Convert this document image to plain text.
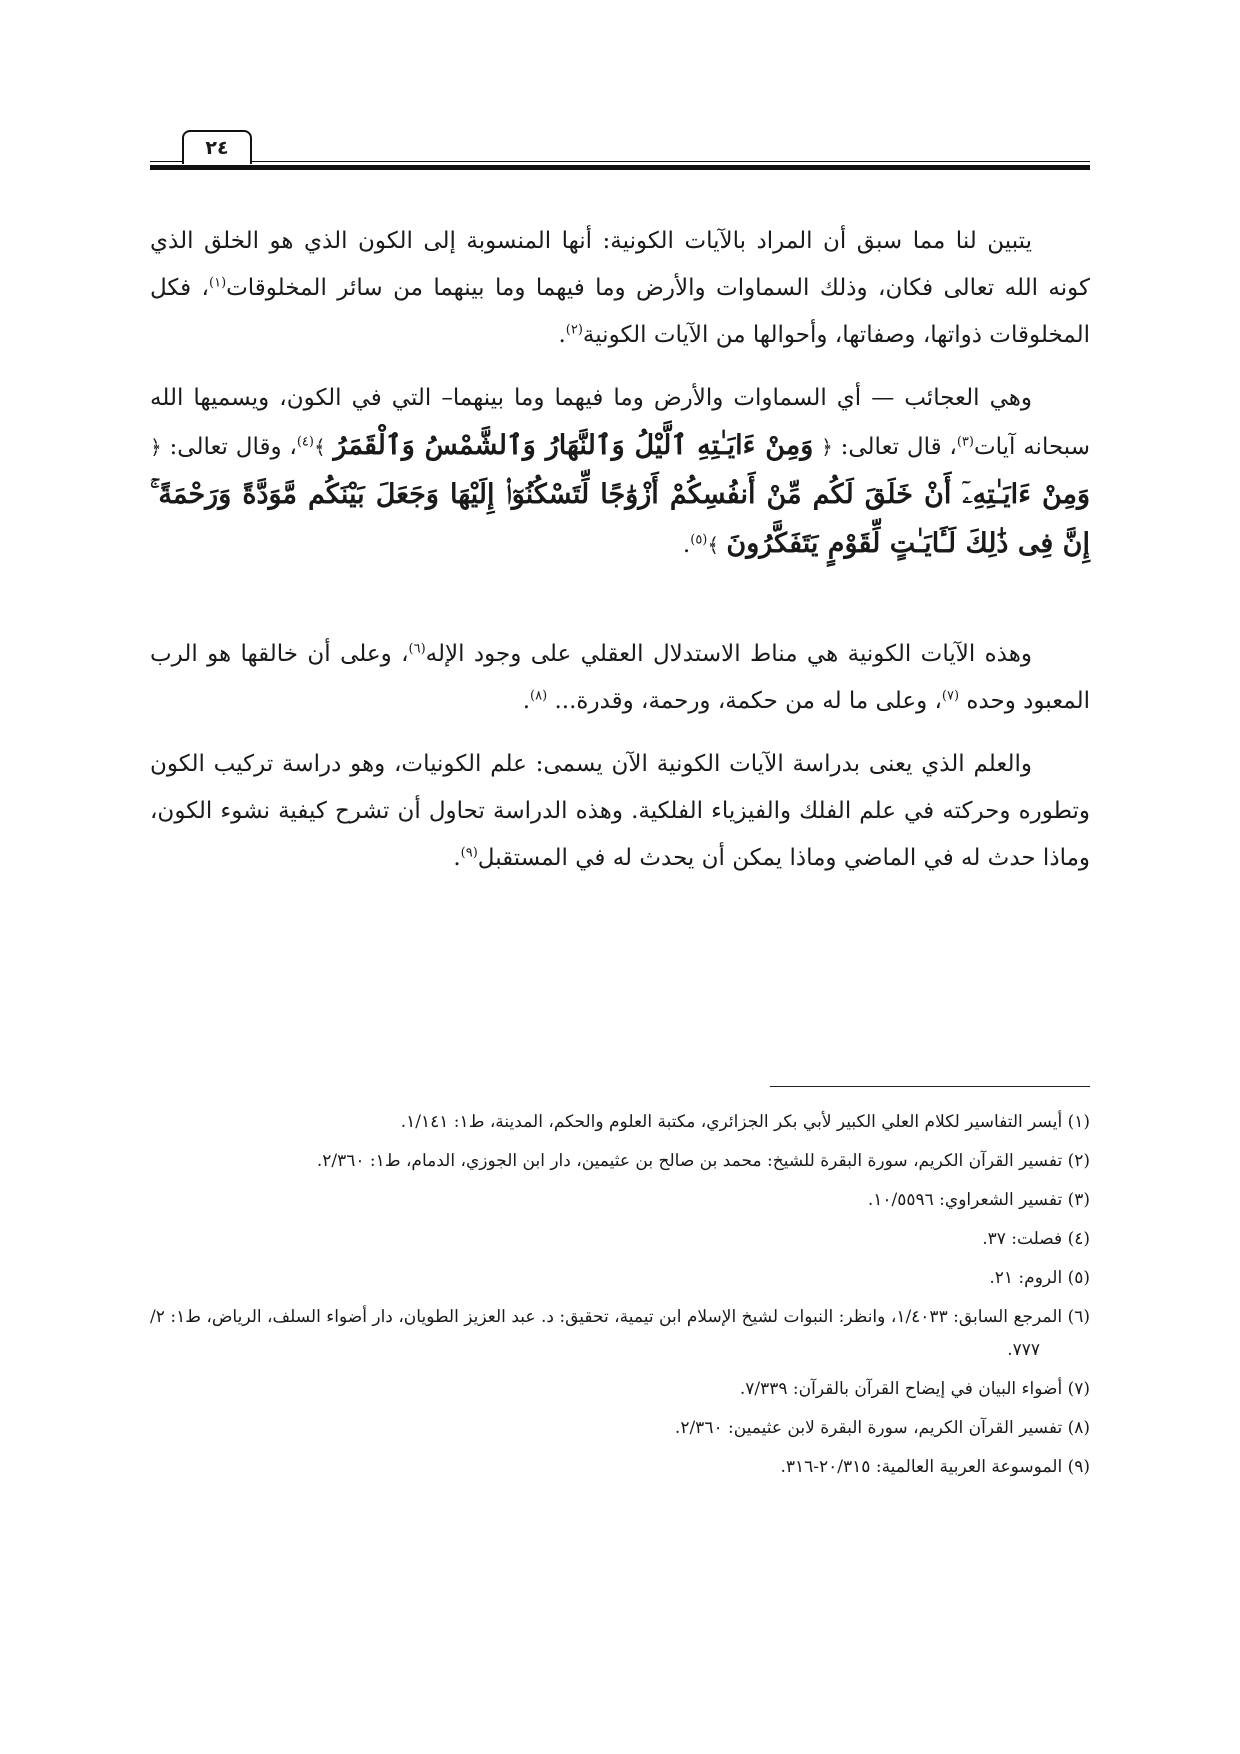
٢٤

يتبين لنا مما سبق أن المراد بالآيات الكونية: أنها المنسوبة إلى الكون الذي هو الخلق الذي كونه الله تعالى فكان، وذلك السماوات والأرض وما فيهما وما بينهما من سائر المخلوقات$^{(١)}$، فكل المخلوقات ذواتها، وصفاتها، وأحوالها من الآيات الكونية$^{(٢)}$.

وهي العجائب — أي السماوات والأرض وما فيهما وما بينهما– التي في الكون، ويسميها الله سبحانه آيات$^{(٣)}$، قال تعالى: ﴿ وَمِنْ ءَايَـٰتِهِ ٱلَّيْلُ وَٱلنَّهَارُ وَٱلشَّمْسُ وَٱلْقَمَرُ ﴾$^{(٤)}$، وقال تعالى: ﴿ وَمِنْ ءَايَـٰتِهِۦٓ أَنْ خَلَقَ لَكُم مِّنْ أَنفُسِكُمْ أَزْوَٰجًا لِّتَسْكُنُوٓا۟ إِلَيْهَا وَجَعَلَ بَيْنَكُم مَّوَدَّةً وَرَحْمَةً ۚ إِنَّ فِى ذَٰلِكَ لَـَٔايَـٰتٍ لِّقَوْمٍ يَتَفَكَّرُونَ ﴾$^{(٥)}$.

وهذه الآيات الكونية هي مناط الاستدلال العقلي على وجود الإله$^{(٦)}$، وعلى أن خالقها هو الرب المعبود وحده $^{(٧)}$، وعلى ما له من حكمة، ورحمة، وقدرة... $^{(٨)}$.

والعلم الذي يعنى بدراسة الآيات الكونية الآن يسمى: علم الكونيات، وهو دراسة تركيب الكون وتطوره وحركته في علم الفلك والفيزياء الفلكية. وهذه الدراسة تحاول أن تشرح كيفية نشوء الكون، وماذا حدث له في الماضي وماذا يمكن أن يحدث له في المستقبل$^{(٩)}$.

(١) أيسر التفاسير لكلام العلي الكبير لأبي بكر الجزائري، مكتبة العلوم والحكم، المدينة، ط١: ١/١٤١.
(٢) تفسير القرآن الكريم، سورة البقرة للشيخ: محمد بن صالح بن عثيمين، دار ابن الجوزي، الدمام، ط١: ٢/٣٦٠.
(٣) تفسير الشعراوي: ١٠/٥٥٩٦.
(٤) فصلت: ٣٧.
(٥) الروم: ٢١.
(٦) المرجع السابق: ١/٤٠٣٣، وانظر: النبوات لشيخ الإسلام ابن تيمية، تحقيق: د. عبد العزيز الطويان، دار أضواء السلف، الرياض، ط١: ٢/ ٧٧٧.
(٧) أضواء البيان في إيضاح القرآن بالقرآن: ٧/٣٣٩.
(٨) تفسير القرآن الكريم، سورة البقرة لابن عثيمين: ٢/٣٦٠.
(٩) الموسوعة العربية العالمية: ٢٠/٣١٥-٣١٦.
